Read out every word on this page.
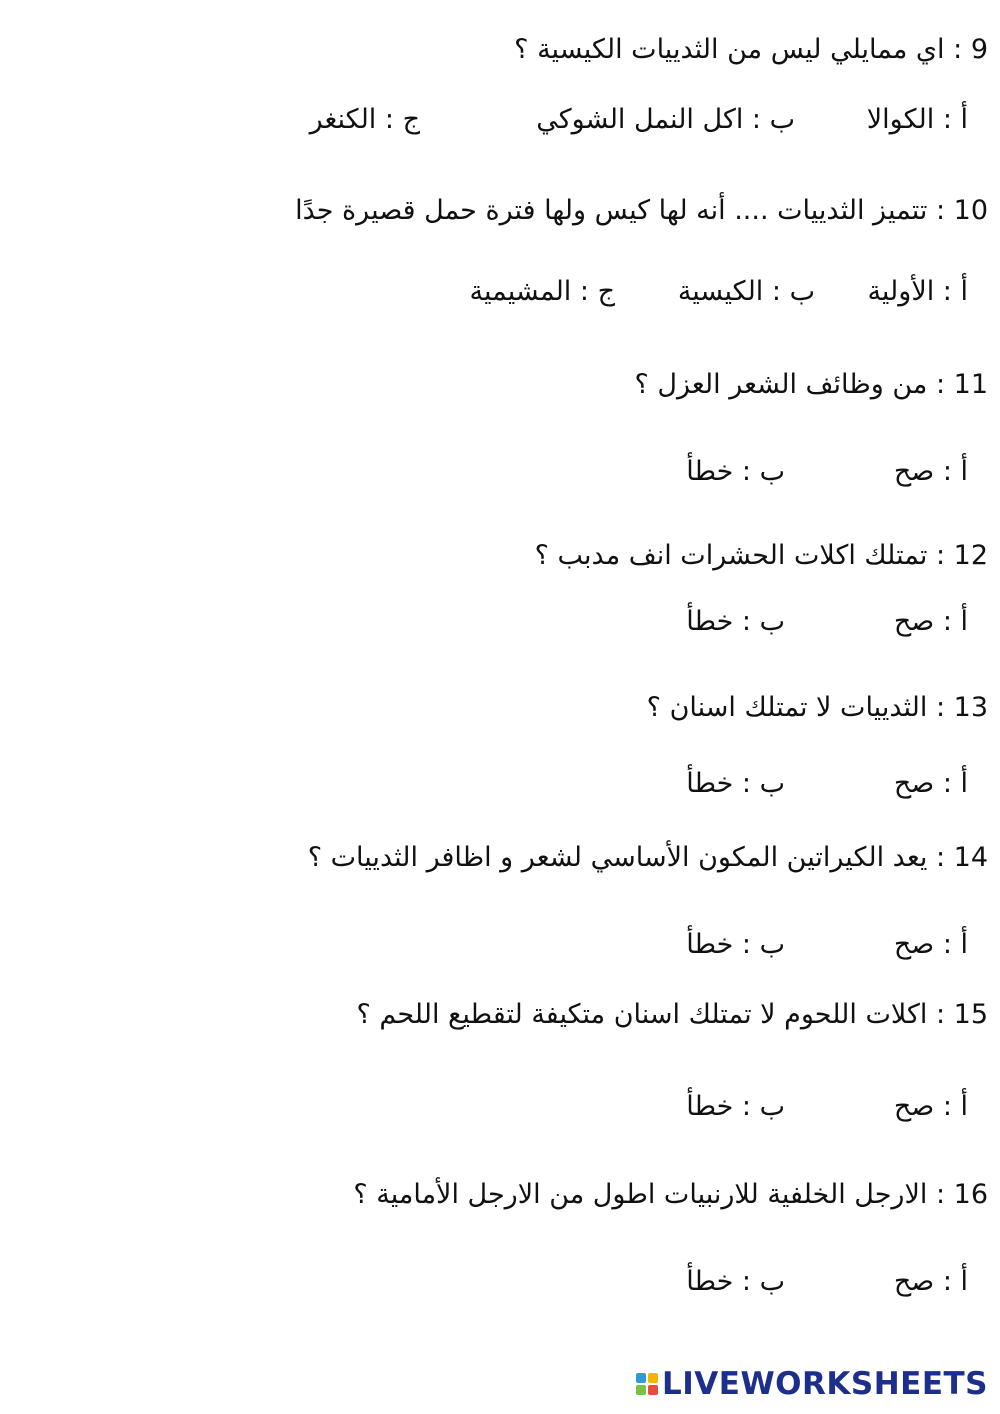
9 : اي ممايلي ليس من الثدييات الكيسية ؟
أ : الكوالا
ب : اكل النمل الشوكي
ج : الكنغر
10 : تتميز الثدييات .... أنه لها كيس ولها فترة حمل قصيرة جدًا
أ : الأولية
ب : الكيسية
ج : المشيمية
11 : من وظائف الشعر العزل ؟
أ : صح
ب : خطأ
12 : تمتلك اكلات الحشرات انف مدبب ؟
أ : صح
ب : خطأ
13 : الثدييات لا تمتلك اسنان ؟
أ : صح
ب : خطأ
14 : يعد الكيراتين المكون الأساسي لشعر و اظافر الثدييات ؟
أ : صح
ب : خطأ
15 : اكلات اللحوم لا تمتلك اسنان متكيفة لتقطيع اللحم ؟
أ : صح
ب : خطأ
16 : الارجل الخلفية للارنبيات اطول من الارجل الأمامية ؟
أ : صح
ب : خطأ
LIVEWORKSHEETS
